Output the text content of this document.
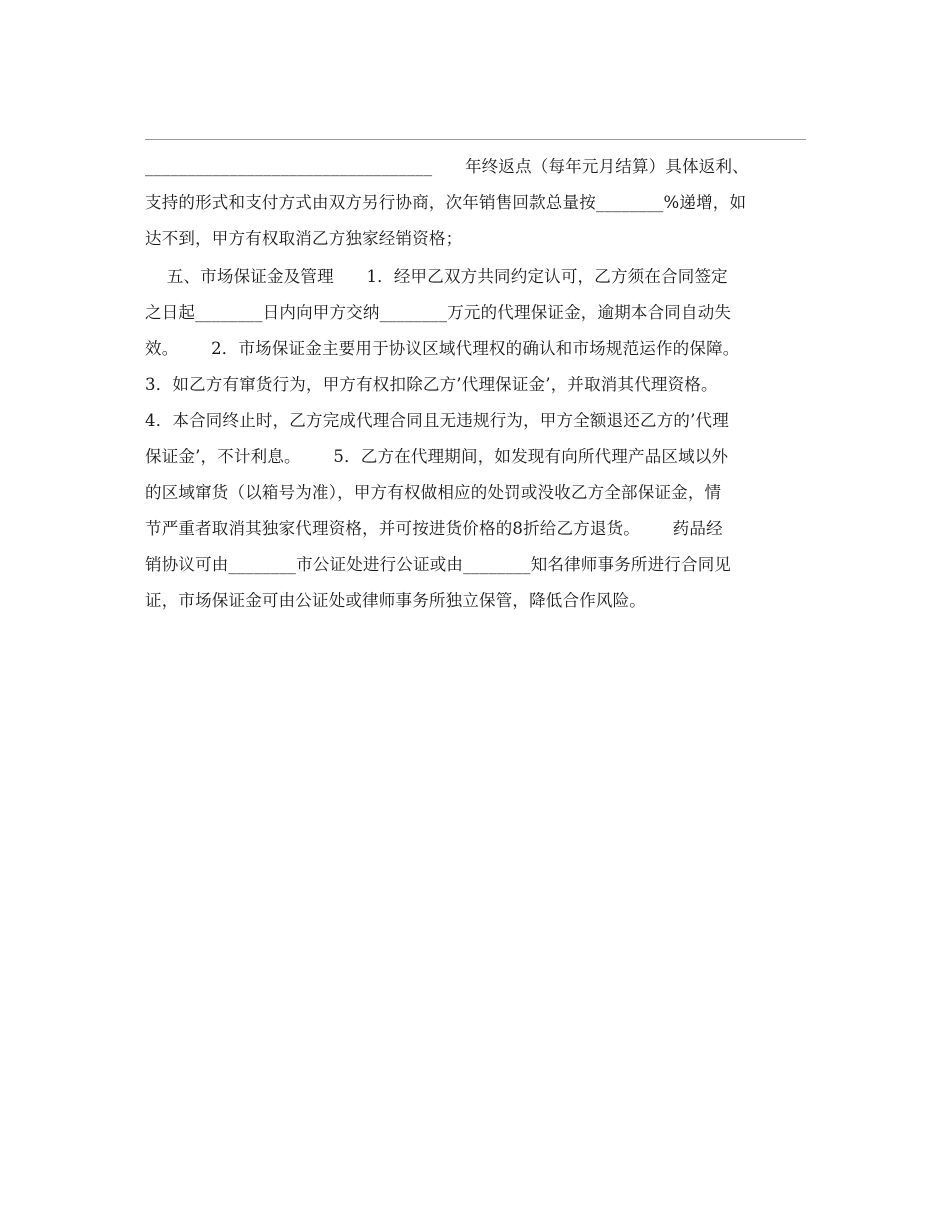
__________________________________      年终返点（每年元月结算）具体返利、
支持的形式和支付方式由双方另行协商，次年销售回款总量按________%递增，如
达不到，甲方有权取消乙方独家经销资格；
五、市场保证金及管理      1．经甲乙双方共同约定认可，乙方须在合同签定
之日起________日内向甲方交纳________万元的代理保证金，逾期本合同自动失
效。      2．市场保证金主要用于协议区域代理权的确认和市场规范运作的保障。
3．如乙方有窜货行为，甲方有权扣除乙方’代理保证金’，并取消其代理资格。
4．本合同终止时，乙方完成代理合同且无违规行为，甲方全额退还乙方的’代理
保证金’，不计利息。      5．乙方在代理期间，如发现有向所代理产品区域以外
的区域窜货（以箱号为准），甲方有权做相应的处罚或没收乙方全部保证金，情
节严重者取消其独家代理资格，并可按进货价格的8折给乙方退货。      药品经
销协议可由________市公证处进行公证或由________知名律师事务所进行合同见
证，市场保证金可由公证处或律师事务所独立保管，降低合作风险。
